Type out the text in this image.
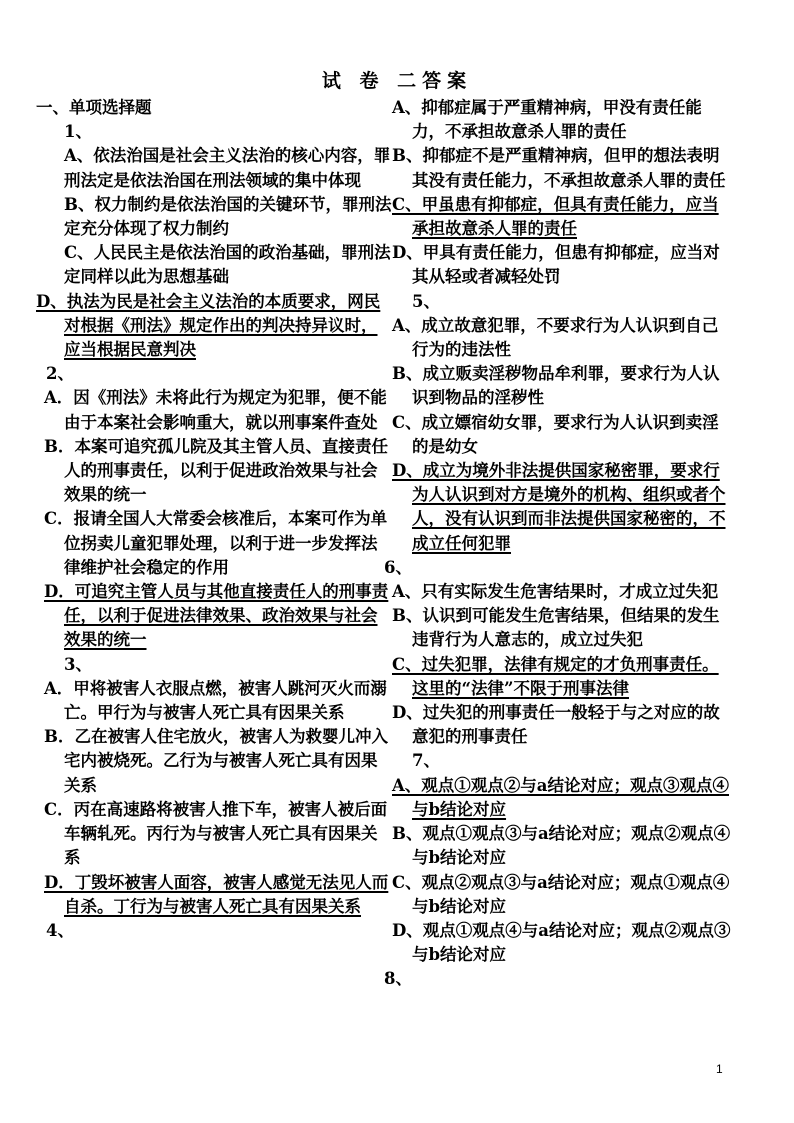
试 卷 二答案

一、单项选择题

1、

A、依法治国是社会主义法治的核心内容，罪刑法定是依法治国在刑法领域的集中体现

B、权力制约是依法治国的关键环节，罪刑法定充分体现了权力制约

C、人民民主是依法治国的政治基础，罪刑法定同样以此为思想基础

D、执法为民是社会主义法治的本质要求，网民对根据《刑法》规定作出的判决持异议时，应当根据民意判决

2、

A．因《刑法》未将此行为规定为犯罪，便不能由于本案社会影响重大，就以刑事案件查处

B．本案可追究孤儿院及其主管人员、直接责任人的刑事责任，以利于促进政治效果与社会效果的统一

C．报请全国人大常委会核准后，本案可作为单位拐卖儿童犯罪处理，以利于进一步发挥法律维护社会稳定的作用

D．可追究主管人员与其他直接责任人的刑事责任，以利于促进法律效果、政治效果与社会效果的统一

3、

A．甲将被害人衣服点燃，被害人跳河灭火而溺亡。甲行为与被害人死亡具有因果关系

B．乙在被害人住宅放火，被害人为救婴儿冲入宅内被烧死。乙行为与被害人死亡具有因果关系

C．丙在高速路将被害人推下车，被害人被后面车辆轧死。丙行为与被害人死亡具有因果关系

D．丁毁坏被害人面容，被害人感觉无法见人而自杀。丁行为与被害人死亡具有因果关系

4、

A、抑郁症属于严重精神病，甲没有责任能力，不承担故意杀人罪的责任

B、抑郁症不是严重精神病，但甲的想法表明其没有责任能力，不承担故意杀人罪的责任

C、甲虽患有抑郁症，但具有责任能力，应当承担故意杀人罪的责任

D、甲具有责任能力，但患有抑郁症，应当对其从轻或者减轻处罚

5、

A、成立故意犯罪，不要求行为人认识到自己行为的违法性

B、成立贩卖淫秽物品牟利罪，要求行为人认识到物品的淫秽性

C、成立嫖宿幼女罪，要求行为人认识到卖淫的是幼女

D、成立为境外非法提供国家秘密罪，要求行为人认识到对方是境外的机构、组织或者个人，没有认识到而非法提供国家秘密的，不成立任何犯罪

6、

A、只有实际发生危害结果时，才成立过失犯

B、认识到可能发生危害结果，但结果的发生违背行为人意志的，成立过失犯

C、过失犯罪，法律有规定的才负刑事责任。这里的“法律”不限于刑事法律

D、过失犯的刑事责任一般轻于与之对应的故意犯的刑事责任

7、

A、观点①观点②与a结论对应；观点③观点④与b结论对应

B、观点①观点③与a结论对应；观点②观点④与b结论对应

C、观点②观点③与a结论对应；观点①观点④与b结论对应

D、观点①观点④与a结论对应；观点②观点③与b结论对应

8、

1
